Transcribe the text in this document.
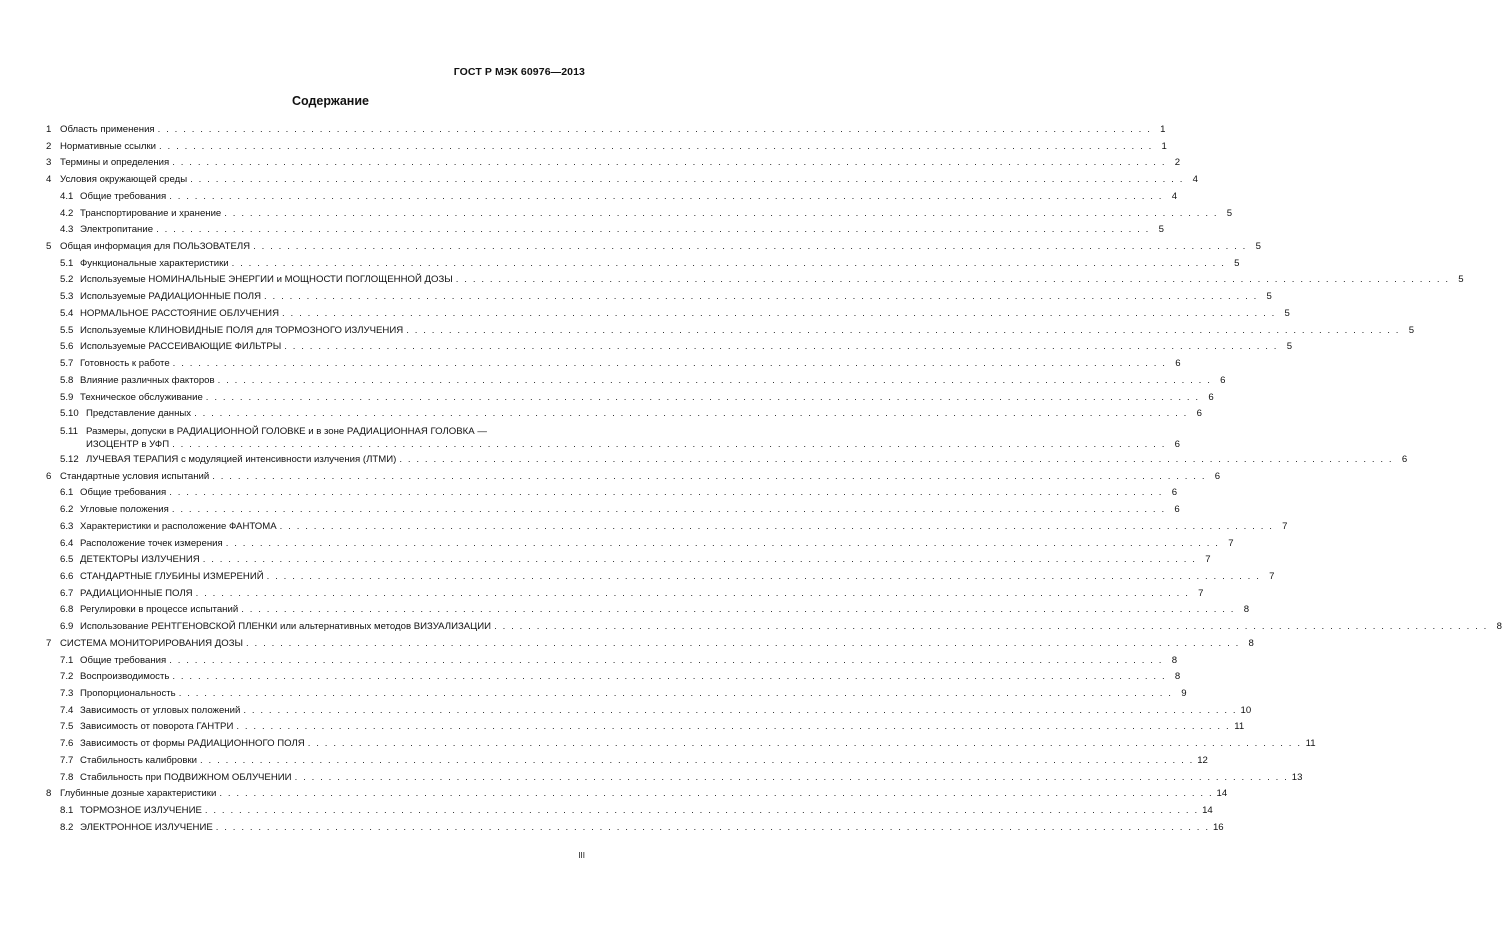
ГОСТ Р МЭК 60976—2013
Содержание
1 Область применения . . .	1
2 Нормативные ссылки . . .	1
3 Термины и определения . . .	2
4 Условия окружающей среды . . .	4
4.1 Общие требования . . .	4
4.2 Транспортирование и хранение . . .	5
4.3 Электропитание . . .	5
5 Общая информация для ПОЛЬЗОВАТЕЛЯ . . .	5
5.1 Функциональные характеристики . . .	5
5.2 Используемые НОМИНАЛЬНЫЕ ЭНЕРГИИ и МОЩНОСТИ ПОГЛОЩЕННОЙ ДОЗЫ . . .	5
5.3 Используемые РАДИАЦИОННЫЕ ПОЛЯ . . .	5
5.4 НОРМАЛЬНОЕ РАССТОЯНИЕ ОБЛУЧЕНИЯ . . .	5
5.5 Используемые КЛИНОВИДНЫЕ ПОЛЯ для ТОРМОЗНОГО ИЗЛУЧЕНИЯ . . .	5
5.6 Используемые РАССЕИВАЮЩИЕ ФИЛЬТРЫ . . .	5
5.7 Готовность к работе . . .	6
5.8 Влияние различных факторов . . .	6
5.9 Техническое обслуживание . . .	6
5.10 Представление данных . . .	6
5.11 Размеры, допуски в РАДИАЦИОННОЙ ГОЛОВКЕ и в зоне РАДИАЦИОННАЯ ГОЛОВКА —
ИЗОЦЕНТР в УФП . . .	6
5.12 ЛУЧЕВАЯ ТЕРАПИЯ с модуляцией интенсивности излучения (ЛТМИ) . . .	6
6 Стандартные условия испытаний . . .	6
6.1 Общие требования . . .	6
6.2 Угловые положения . . .	6
6.3 Характеристики и расположение ФАНТОМА . . .	7
6.4 Расположение точек измерения . . .	7
6.5 ДЕТЕКТОРЫ ИЗЛУЧЕНИЯ . . .	7
6.6 СТАНДАРТНЫЕ ГЛУБИНЫ ИЗМЕРЕНИЙ . . .	7
6.7 РАДИАЦИОННЫЕ ПОЛЯ . . .	7
6.8 Регулировки в процессе испытаний . . .	8
6.9 Использование РЕНТГЕНОВСКОЙ ПЛЕНКИ или альтернативных методов ВИЗУАЛИЗАЦИИ . . .	8
7 СИСТЕМА МОНИТОРИРОВАНИЯ ДОЗЫ . . .	8
7.1 Общие требования . . .	8
7.2 Воспроизводимость . . .	8
7.3 Пропорциональность . . .	9
7.4 Зависимость от угловых положений . . .	10
7.5 Зависимость от поворота ГАНТРИ . . .	11
7.6 Зависимость от формы РАДИАЦИОННОГО ПОЛЯ . . .	11
7.7 Стабильность калибровки . . .	12
7.8 Стабильность при ПОДВИЖНОМ ОБЛУЧЕНИИ . . .	13
8 Глубинные дозные характеристики . . .	14
8.1 ТОРМОЗНОЕ ИЗЛУЧЕНИЕ . . .	14
8.2 ЭЛЕКТРОННОЕ ИЗЛУЧЕНИЕ . . .	16
III
